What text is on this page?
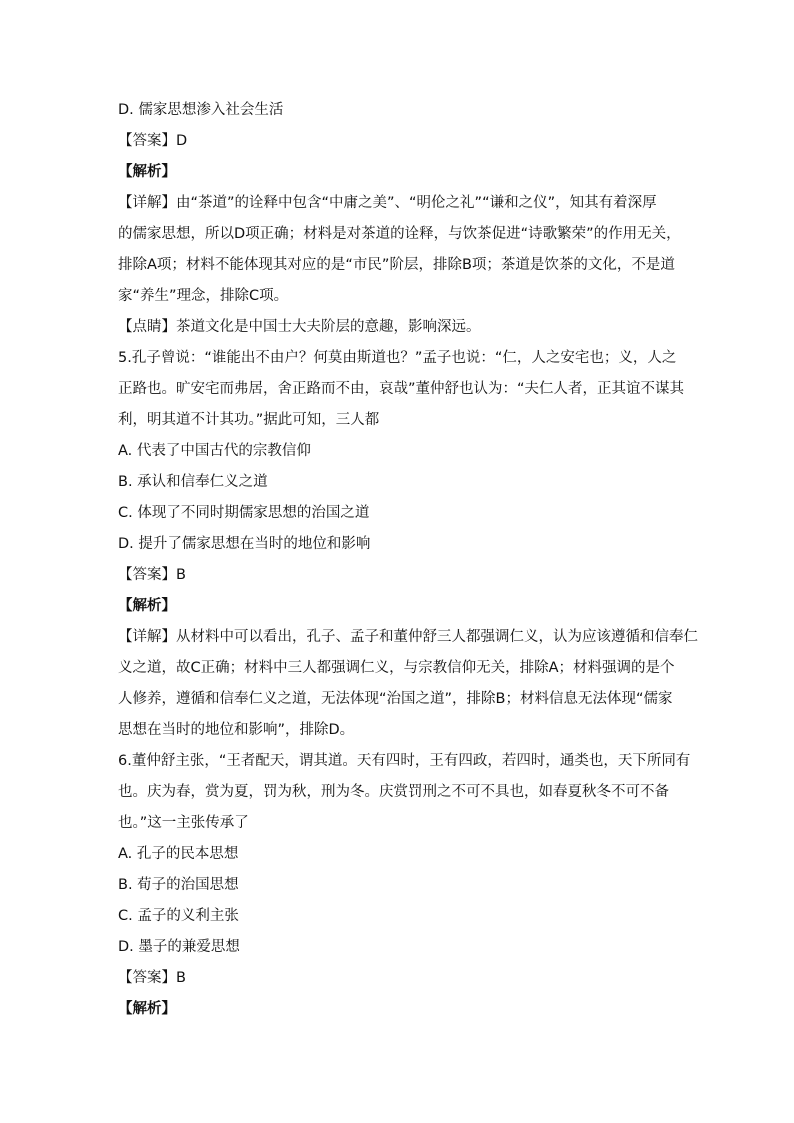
D. 儒家思想渗入社会生活
【答案】D
【解析】
【详解】由“茶道”的诠释中包含“中庸之美”、“明伦之礼”“谦和之仪”，知其有着深厚
的儒家思想，所以D项正确；材料是对茶道的诠释，与饮茶促进“诗歌繁荣”的作用无关，
排除A项；材料不能体现其对应的是“市民”阶层，排除B项；茶道是饮茶的文化，不是道
家“养生”理念，排除C项。
【点睛】茶道文化是中国士大夫阶层的意趣，影响深远。
5.孔子曾说：“谁能出不由户？何莫由斯道也？”孟子也说：“仁，人之安宅也；义，人之
正路也。旷安宅而弗居，舍正路而不由，哀哉”董仲舒也认为：“夫仁人者，正其谊不谋其
利，明其道不计其功。”据此可知，三人都
A. 代表了中国古代的宗教信仰
B. 承认和信奉仁义之道
C. 体现了不同时期儒家思想的治国之道
D. 提升了儒家思想在当时的地位和影响
【答案】B
【解析】
【详解】从材料中可以看出，孔子、孟子和董仲舒三人都强调仁义，认为应该遵循和信奉仁
义之道，故C正确；材料中三人都强调仁义，与宗教信仰无关，排除A；材料强调的是个
人修养，遵循和信奉仁义之道，无法体现“治国之道”，排除B；材料信息无法体现“儒家
思想在当时的地位和影响”，排除D。
6.董仲舒主张，“王者配天，谓其道。天有四时，王有四政，若四时，通类也，天下所同有
也。庆为春，赏为夏，罚为秋，刑为冬。庆赏罚刑之不可不具也，如春夏秋冬不可不备
也。”这一主张传承了
A. 孔子的民本思想
B. 荀子的治国思想
C. 孟子的义利主张
D. 墨子的兼爱思想
【答案】B
【解析】
